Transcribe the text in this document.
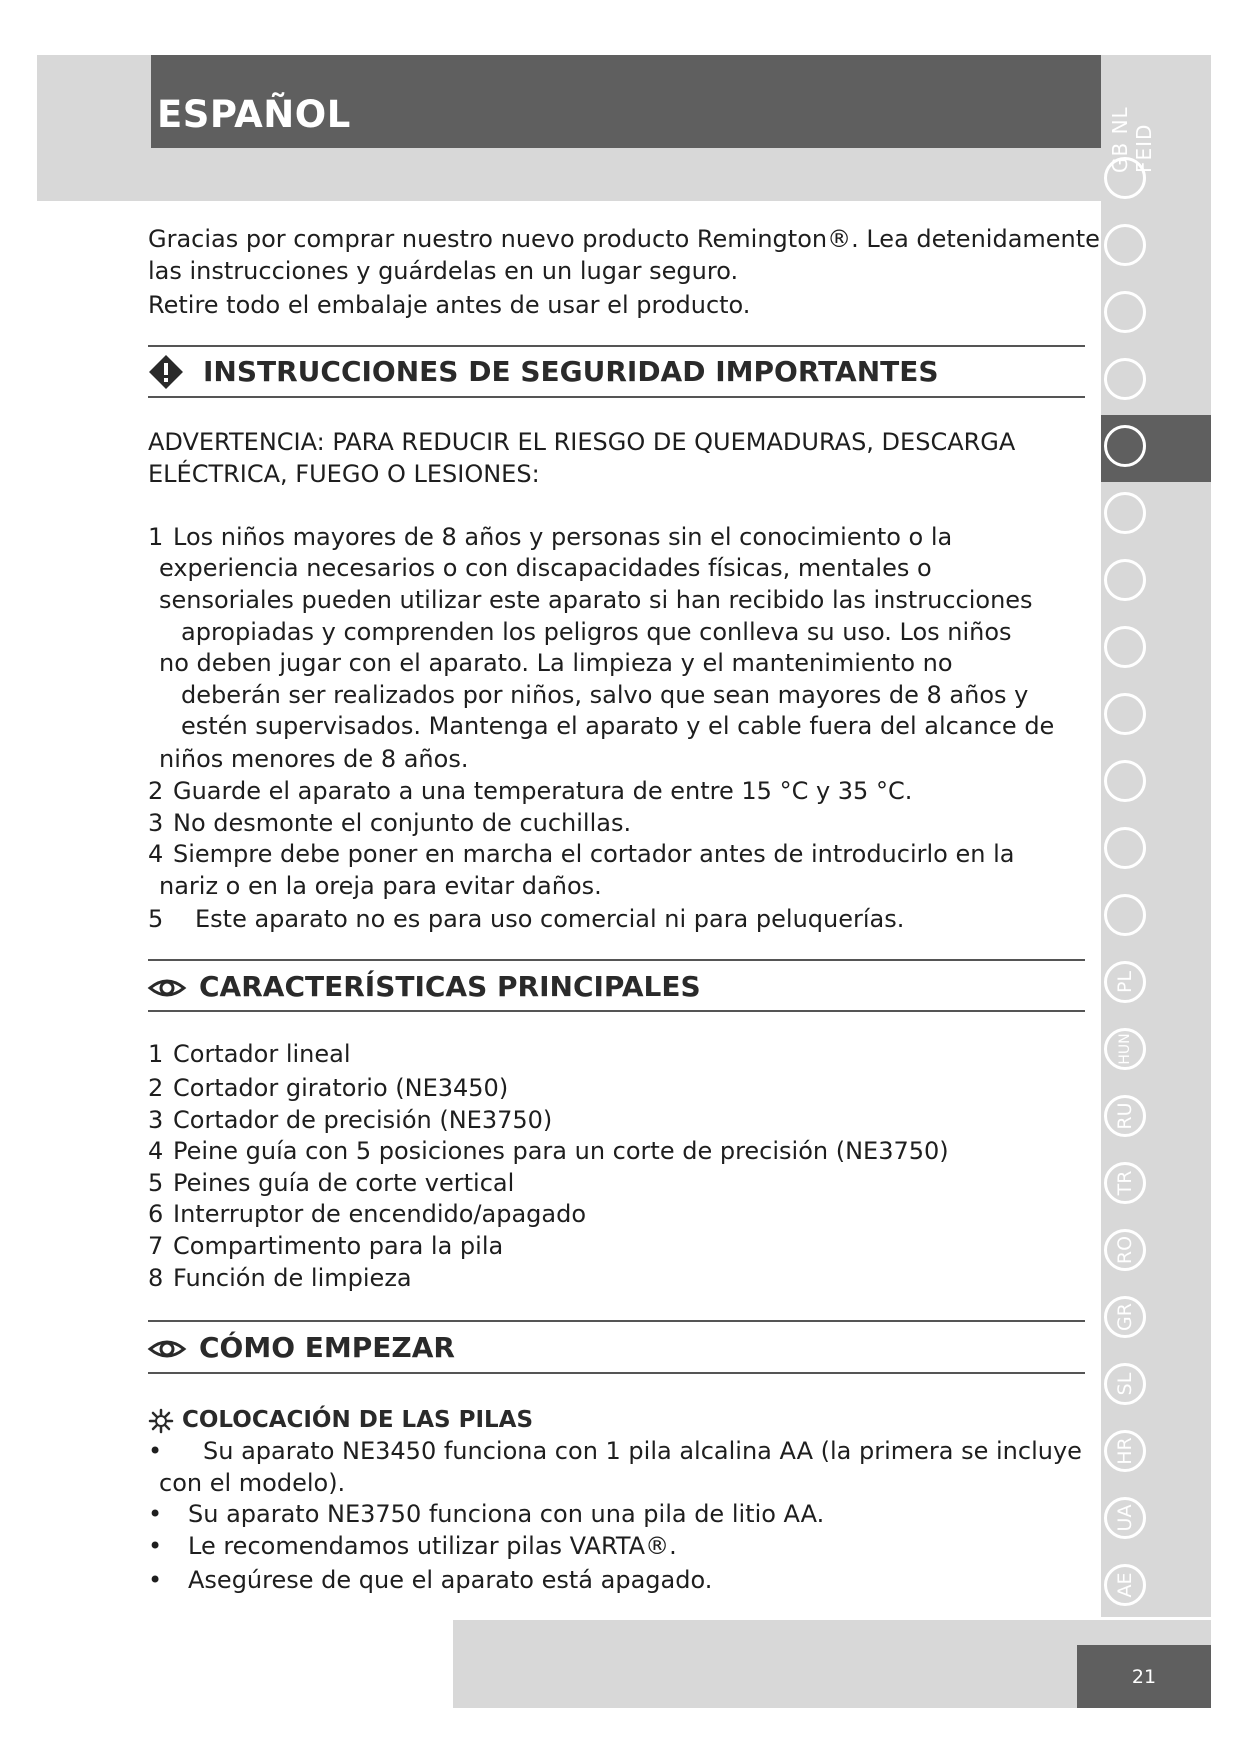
ESPAÑOL	GB NL FEID
PL
HUN
RU
TR
RO
GR
SL
HR
UA
AE
Gracias por comprar nuestro nuevo producto Remington®. Lea detenidamente
las instrucciones y guárdelas en un lugar seguro.
Retire todo el embalaje antes de usar el producto.
INSTRUCCIONES DE SEGURIDAD IMPORTANTES
ADVERTENCIA: PARA REDUCIR EL RIESGO DE QUEMADURAS, DESCARGA
ELÉCTRICA, FUEGO O LESIONES:
1 Los niños mayores de 8 años y personas sin el conocimiento o la
experiencia necesarios o con discapacidades físicas, mentales o
sensoriales pueden utilizar este aparato si han recibido las instrucciones
apropiadas y comprenden los peligros que conlleva su uso. Los niños
no deben jugar con el aparato. La limpieza y el mantenimiento no
deberán ser realizados por niños, salvo que sean mayores de 8 años y
estén supervisados. Mantenga el aparato y el cable fuera del alcance de
niños menores de 8 años.
2 Guarde el aparato a una temperatura de entre 15 °C y 35 °C.
3 No desmonte el conjunto de cuchillas.
4 Siempre debe poner en marcha el cortador antes de introducirlo en la
nariz o en la oreja para evitar daños.
5 Este aparato no es para uso comercial ni para peluquerías.
CARACTERÍSTICAS PRINCIPALES
1 Cortador lineal
2 Cortador giratorio (NE3450)
3 Cortador de precisión (NE3750)
4 Peine guía con 5 posiciones para un corte de precisión (NE3750)
5 Peines guía de corte vertical
6 Interruptor de encendido/apagado
7 Compartimento para la pila
8 Función de limpieza
CÓMO EMPEZAR
COLOCACIÓN DE LAS PILAS
• Su aparato NE3450 funciona con 1 pila alcalina AA (la primera se incluye
con el modelo).
• Su aparato NE3750 funciona con una pila de litio AA.
• Le recomendamos utilizar pilas VARTA®.
• Asegúrese de que el aparato está apagado.
21
